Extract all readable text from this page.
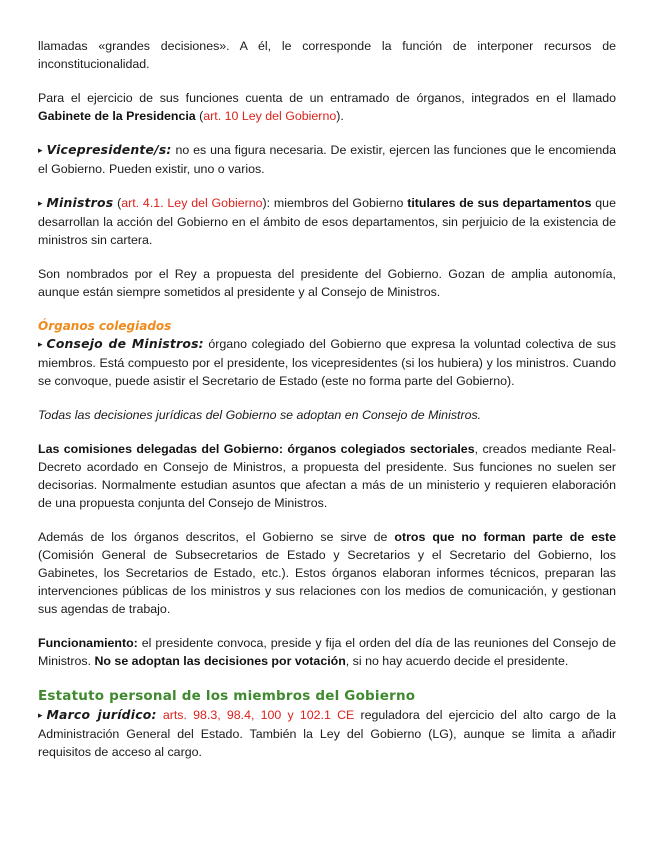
llamadas «grandes decisiones». A él, le corresponde la función de interponer recursos de inconstitucionalidad.

Para el ejercicio de sus funciones cuenta de un entramado de órganos, integrados en el llamado Gabinete de la Presidencia (art. 10 Ley del Gobierno).

▸ Vicepresidente/s: no es una figura necesaria. De existir, ejercen las funciones que le encomienda el Gobierno. Pueden existir, uno o varios.

▸ Ministros (art. 4.1. Ley del Gobierno): miembros del Gobierno titulares de sus departamentos que desarrollan la acción del Gobierno en el ámbito de esos departamentos, sin perjuicio de la existencia de ministros sin cartera.

Son nombrados por el Rey a propuesta del presidente del Gobierno. Gozan de amplia autonomía, aunque están siempre sometidos al presidente y al Consejo de Ministros.

Órganos colegiados

▸ Consejo de Ministros: órgano colegiado del Gobierno que expresa la voluntad colectiva de sus miembros. Está compuesto por el presidente, los vicepresidentes (si los hubiera) y los ministros. Cuando se convoque, puede asistir el Secretario de Estado (este no forma parte del Gobierno).

Todas las decisiones jurídicas del Gobierno se adoptan en Consejo de Ministros.

Las comisiones delegadas del Gobierno: órganos colegiados sectoriales, creados mediante Real-Decreto acordado en Consejo de Ministros, a propuesta del presidente. Sus funciones no suelen ser decisorias. Normalmente estudian asuntos que afectan a más de un ministerio y requieren elaboración de una propuesta conjunta del Consejo de Ministros.

Además de los órganos descritos, el Gobierno se sirve de otros que no forman parte de este (Comisión General de Subsecretarios de Estado y Secretarios y el Secretario del Gobierno, los Gabinetes, los Secretarios de Estado, etc.). Estos órganos elaboran informes técnicos, preparan las intervenciones públicas de los ministros y sus relaciones con los medios de comunicación, y gestionan sus agendas de trabajo.

Funcionamiento: el presidente convoca, preside y fija el orden del día de las reuniones del Consejo de Ministros. No se adoptan las decisiones por votación, si no hay acuerdo decide el presidente.

Estatuto personal de los miembros del Gobierno

▸ Marco jurídico: arts. 98.3, 98.4, 100 y 102.1 CE reguladora del ejercicio del alto cargo de la Administración General del Estado. También la Ley del Gobierno (LG), aunque se limita a añadir requisitos de acceso al cargo.
